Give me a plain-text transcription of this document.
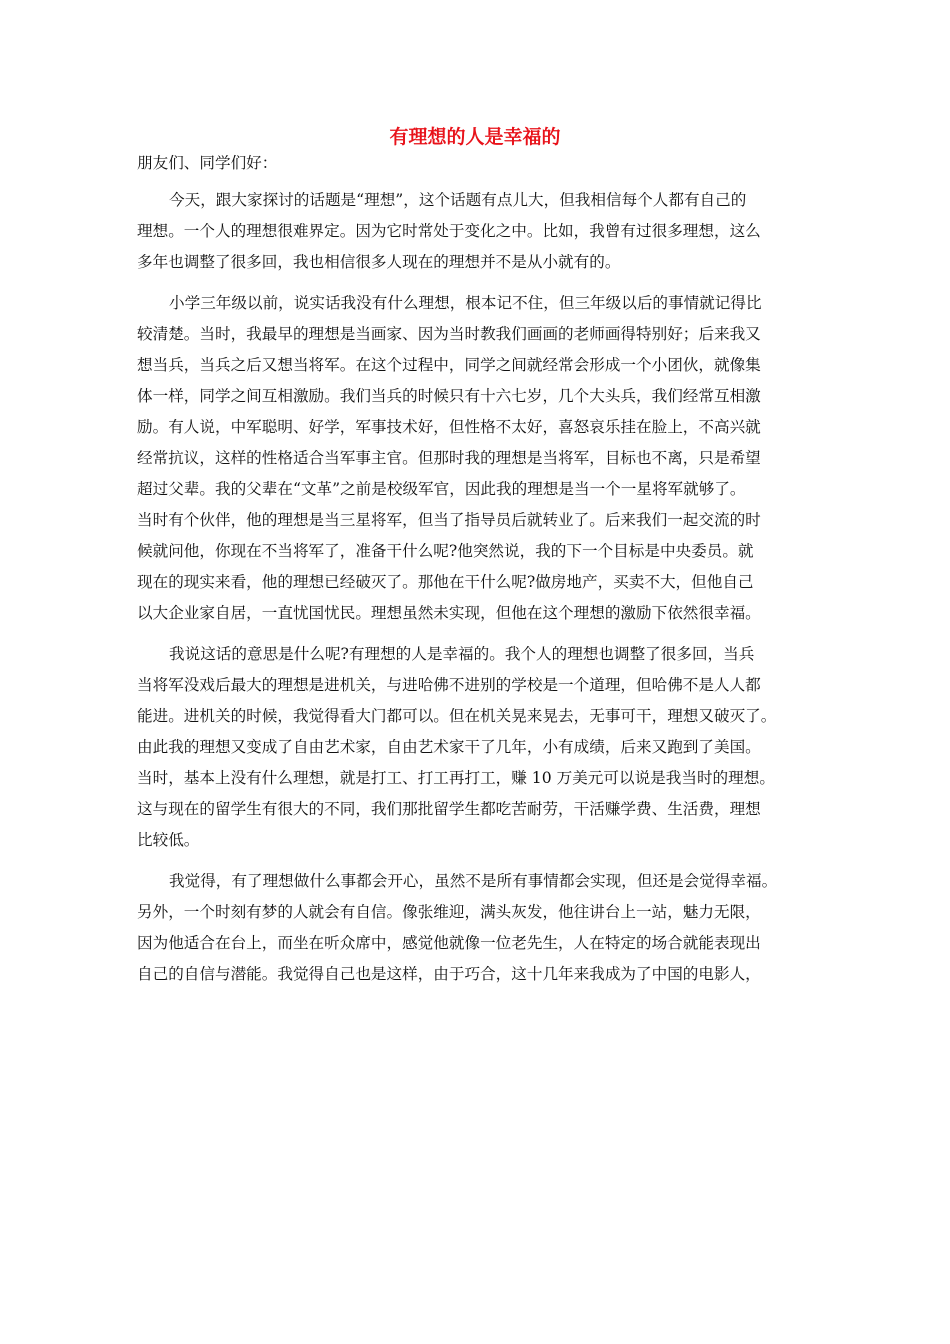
有理想的人是幸福的
朋友们、同学们好：
今天，跟大家探讨的话题是“理想”，这个话题有点儿大，但我相信每个人都有自己的
理想。一个人的理想很难界定。因为它时常处于变化之中。比如，我曾有过很多理想，这么
多年也调整了很多回，我也相信很多人现在的理想并不是从小就有的。
小学三年级以前，说实话我没有什么理想，根本记不住，但三年级以后的事情就记得比
较清楚。当时，我最早的理想是当画家、因为当时教我们画画的老师画得特别好；后来我又
想当兵，当兵之后又想当将军。在这个过程中，同学之间就经常会形成一个小团伙，就像集
体一样，同学之间互相激励。我们当兵的时候只有十六七岁，几个大头兵，我们经常互相激
励。有人说，中军聪明、好学，军事技术好，但性格不太好，喜怒哀乐挂在脸上，不高兴就
经常抗议，这样的性格适合当军事主官。但那时我的理想是当将军，目标也不离，只是希望
超过父辈。我的父辈在“文革”之前是校级军官，因此我的理想是当一个一星将军就够了。
当时有个伙伴，他的理想是当三星将军，但当了指导员后就转业了。后来我们一起交流的时
候就问他，你现在不当将军了，准备干什么呢?他突然说，我的下一个目标是中央委员。就
现在的现实来看，他的理想已经破灭了。那他在干什么呢?做房地产，买卖不大，但他自己
以大企业家自居，一直忧国忧民。理想虽然未实现，但他在这个理想的激励下依然很幸福。
我说这话的意思是什么呢?有理想的人是幸福的。我个人的理想也调整了很多回，当兵
当将军没戏后最大的理想是进机关，与进哈佛不进别的学校是一个道理，但哈佛不是人人都
能进。进机关的时候，我觉得看大门都可以。但在机关晃来晃去，无事可干，理想又破灭了。
由此我的理想又变成了自由艺术家，自由艺术家干了几年，小有成绩，后来又跑到了美国。
当时，基本上没有什么理想，就是打工、打工再打工，赚 10 万美元可以说是我当时的理想。
这与现在的留学生有很大的不同，我们那批留学生都吃苦耐劳，干活赚学费、生活费，理想
比较低。
我觉得，有了理想做什么事都会开心，虽然不是所有事情都会实现，但还是会觉得幸福。
另外，一个时刻有梦的人就会有自信。像张维迎，满头灰发，他往讲台上一站，魅力无限，
因为他适合在台上，而坐在听众席中，感觉他就像一位老先生，人在特定的场合就能表现出
自己的自信与潜能。我觉得自己也是这样，由于巧合，这十几年来我成为了中国的电影人，
